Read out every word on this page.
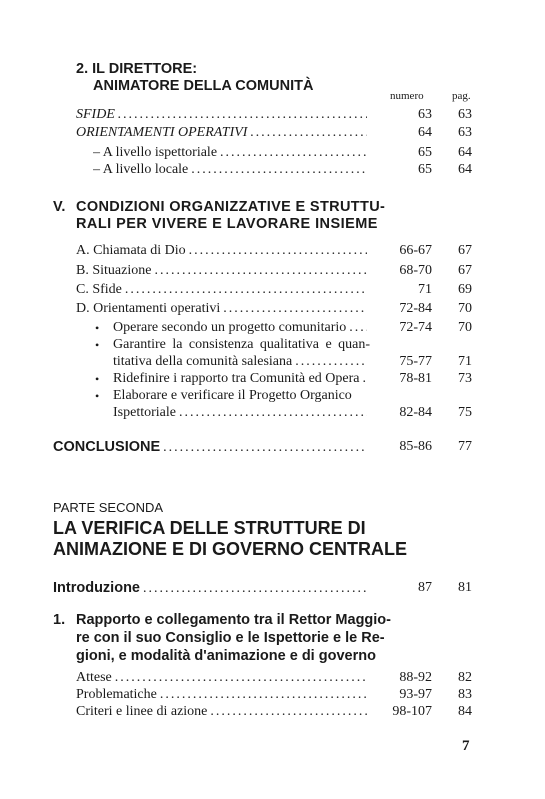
2. IL DIRETTORE:
ANIMATORE DELLA COMUNITÀ
numero	pag.
SFIDE .....	63	63
ORIENTAMENTI OPERATIVI .....	64	63
– A livello ispettoriale .....	65	64
– A livello locale .....	65	64
V. CONDIZIONI ORGANIZZATIVE E STRUTTU-
RALI PER VIVERE E LAVORARE INSIEME
A. Chiamata di Dio .....	66-67	67
B. Situazione .....	68-70	67
C. Sfide .....	71	69
D. Orientamenti operativi .....	72-84	70
• Operare secondo un progetto comunitario .....	72-74	70
• Garantire la consistenza qualitativa e quan-
titativa della comunità salesiana .....	75-77	71
• Ridefinire i rapporto tra Comunità ed Opera .....	78-81	73
• Elaborare e verificare il Progetto Organico
Ispettoriale .....	82-84	75
CONCLUSIONE .....	85-86	77
PARTE SECONDA
LA VERIFICA DELLE STRUTTURE DI
ANIMAZIONE E DI GOVERNO CENTRALE
Introduzione .....	87	81
1. Rapporto e collegamento tra il Rettor Maggio-
re con il suo Consiglio e le Ispettorie e le Re-
gioni, e modalità d'animazione e di governo
Attese .....	88-92	82
Problematiche .....	93-97	83
Criteri e linee di azione .....	98-107	84
7
